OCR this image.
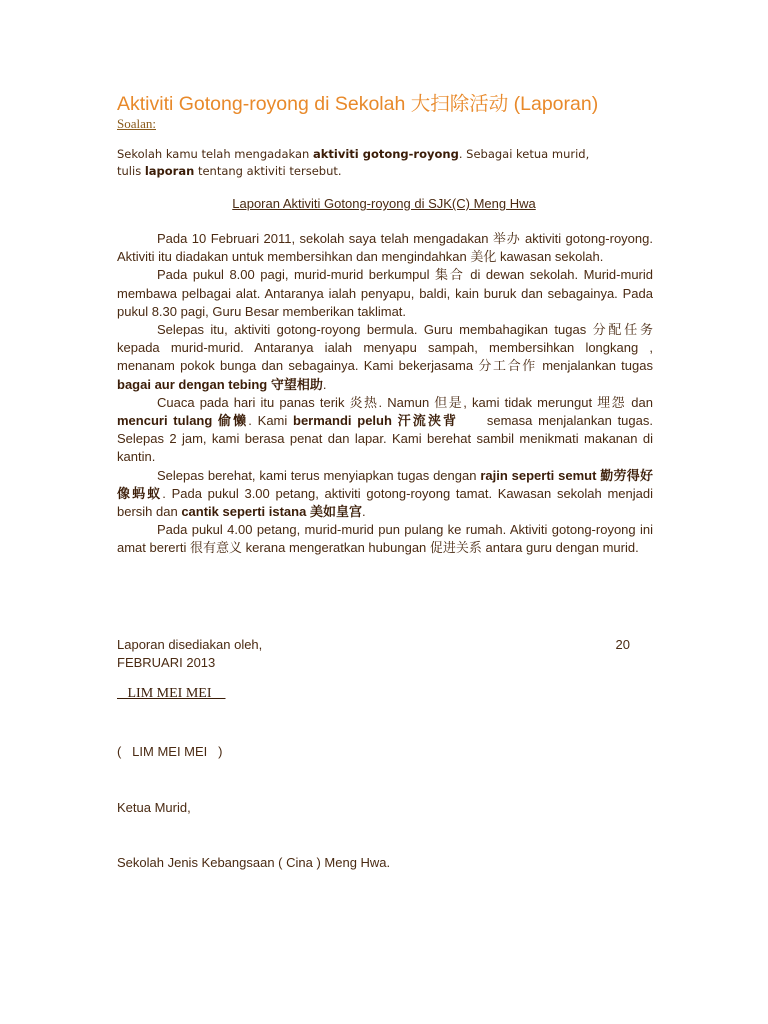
Aktiviti Gotong-royong di Sekolah 大扫除活动 (Laporan)
Soalan:
Sekolah kamu telah mengadakan aktiviti gotong-royong. Sebagai ketua murid,
tulis laporan tentang aktiviti tersebut.
Laporan Aktiviti Gotong-royong di SJK(C) Meng Hwa

Pada 10 Februari 2011, sekolah saya telah mengadakan 举办 aktiviti gotong-royong. Aktiviti itu diadakan untuk membersihkan dan mengindahkan 美化 kawasan sekolah.

Pada pukul 8.00 pagi, murid-murid berkumpul 集合 di dewan sekolah. Murid-murid membawa pelbagai alat. Antaranya ialah penyapu, baldi, kain buruk dan sebagainya. Pada pukul 8.30 pagi, Guru Besar memberikan taklimat.

Selepas itu, aktiviti gotong-royong bermula. Guru membahagikan tugas 分配任务 kepada murid-murid. Antaranya ialah menyapu sampah, membersihkan longkang , menanam pokok bunga dan sebagainya. Kami bekerjasama 分工合作 menjalankan tugas bagai aur dengan tebing 守望相助.

Cuaca pada hari itu panas terik 炎热. Namun 但是, kami tidak merungut 埋怨 dan mencuri tulang 偷懒. Kami bermandi peluh 汗流浃背     semasa menjalankan tugas. Selepas 2 jam, kami berasa penat dan lapar. Kami berehat sambil menikmati makanan di kantin.

Selepas berehat, kami terus menyiapkan tugas dengan rajin seperti semut 勤劳得好像蚂蚁. Pada pukul 3.00 petang, aktiviti gotong-royong tamat. Kawasan sekolah menjadi bersih dan cantik seperti istana 美如皇宫.

Pada pukul 4.00 petang, murid-murid pun pulang ke rumah. Aktiviti gotong-royong ini amat bererti 很有意义 kerana mengeratkan hubungan 促进关系 antara guru dengan murid.

Laporan disediakan oleh,	20
FEBRUARI 2013
LIM MEI MEI

(   LIM MEI MEI   )

Ketua Murid,

Sekolah Jenis Kebangsaan ( Cina ) Meng Hwa.
